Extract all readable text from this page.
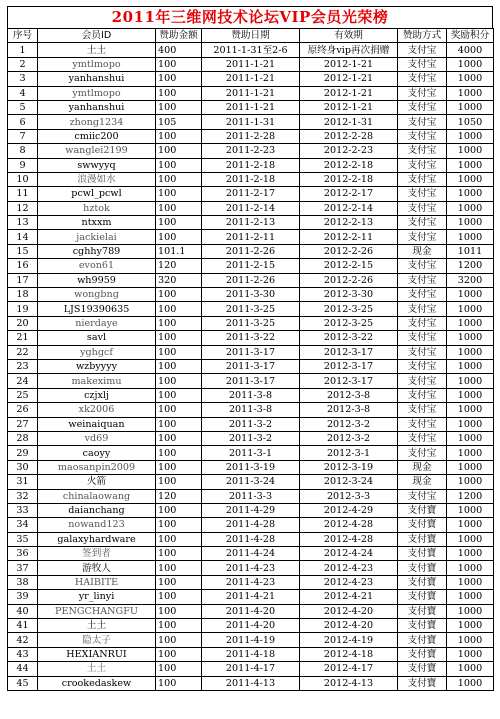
2011年三维网技术论坛VIP会员光荣榜
序号	会员ID	赞助金额	赞助日期	有效期	赞助方式	奖励积分
1	土土	400	2011-1-31至2-6	原终身vip再次捐赠	支付宝	4000
2	ymtlmopo	100	2011-1-21	2012-1-21	支付宝	1000
3	yanhanshui	100	2011-1-21	2012-1-21	支付宝	1000
4	ymtlmopo	100	2011-1-21	2012-1-21	支付宝	1000
5	yanhanshui	100	2011-1-21	2012-1-21	支付宝	1000
6	zhong1234	105	2011-1-31	2012-1-31	支付宝	1050
7	cmiic200	100	2011-2-28	2012-2-28	支付宝	1000
8	wanglei2199	100	2011-2-23	2012-2-23	支付宝	1000
9	swwyyq	100	2011-2-18	2012-2-18	支付宝	1000
10	浪漫如水	100	2011-2-18	2012-2-18	支付宝	1000
11	pcwl_pcwl	100	2011-2-17	2012-2-17	支付宝	1000
12	hztok	100	2011-2-14	2012-2-14	支付宝	1000
13	ntxxm	100	2011-2-13	2012-2-13	支付宝	1000
14	jackielai	100	2011-2-11	2012-2-11	支付宝	1000
15	cghhy789	101.1	2011-2-26	2012-2-26	现金	1011
16	evon61	120	2011-2-15	2012-2-15	支付宝	1200
17	wh9959	320	2011-2-26	2012-2-26	支付宝	3200
18	wongbng	100	2011-3-30	2012-3-30	支付宝	1000
19	LJS19390635	100	2011-3-25	2012-3-25	支付宝	1000
20	nierdaye	100	2011-3-25	2012-3-25	支付宝	1000
21	savl	100	2011-3-22	2012-3-22	支付宝	1000
22	yghgcf	100	2011-3-17	2012-3-17	支付宝	1000
23	wzbyyyy	100	2011-3-17	2012-3-17	支付宝	1000
24	makeximu	100	2011-3-17	2012-3-17	支付宝	1000
25	czjxlj	100	2011-3-8	2012-3-8	支付宝	1000
26	xk2006	100	2011-3-8	2012-3-8	支付宝	1000
27	weinaiquan	100	2011-3-2	2012-3-2	支付宝	1000
28	vd69	100	2011-3-2	2012-3-2	支付宝	1000
29	caoyy	100	2011-3-1	2012-3-1	支付宝	1000
30	maosanpin2009	100	2011-3-19	2012-3-19	现金	1000
31	火箭	100	2011-3-24	2012-3-24	现金	1000
32	chinalaowang	120	2011-3-3	2012-3-3	支付宝	1200
33	daianchang	100	2011-4-29	2012-4-29	支付寶	1000
34	nowand123	100	2011-4-28	2012-4-28	支付寶	1000
35	galaxyhardware	100	2011-4-28	2012-4-28	支付寶	1000
36	签到者	100	2011-4-24	2012-4-24	支付寶	1000
37	游牧人	100	2011-4-23	2012-4-23	支付寶	1000
38	HAIBITE	100	2011-4-23	2012-4-23	支付寶	1000
39	yr_linyi	100	2011-4-21	2012-4-21	支付寶	1000
40	PENGCHANGFU	100	2011-4-20	2012-4-20	支付寶	1000
41	土土	100	2011-4-20	2012-4-20	支付寶	1000
42	隐太子	100	2011-4-19	2012-4-19	支付寶	1000
43	HEXIANRUI	100	2011-4-18	2012-4-18	支付寶	1000
44	土土	100	2011-4-17	2012-4-17	支付寶	1000
45	crookedaskew	100	2011-4-13	2012-4-13	支付寶	1000
